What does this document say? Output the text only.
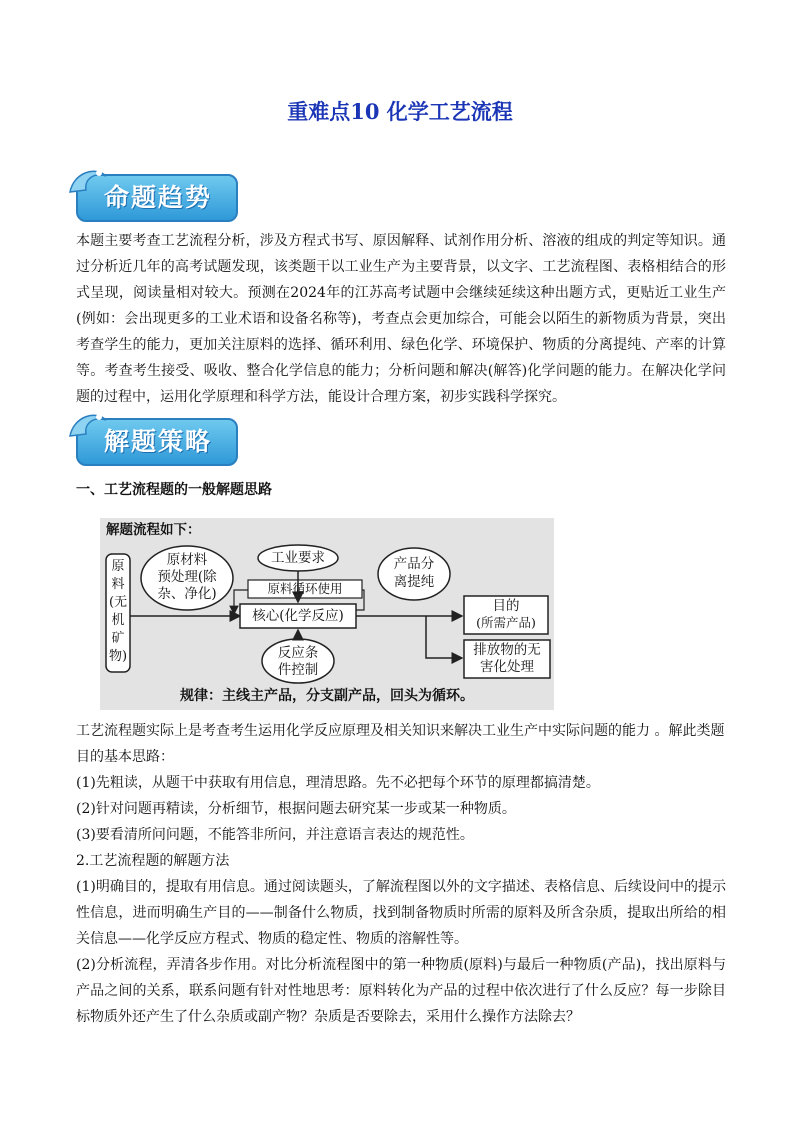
重难点10 化学工艺流程
命题趋势
本题主要考查工艺流程分析，涉及方程式书写、原因解释、试剂作用分析、溶液的组成的判定等知识。通过分析近几年的高考试题发现，该类题干以工业生产为主要背景，以文字、工艺流程图、表格相结合的形式呈现，阅读量相对较大。预测在2024年的江苏高考试题中会继续延续这种出题方式，更贴近工业生产(例如：会出现更多的工业术语和设备名称等)，考查点会更加综合，可能会以陌生的新物质为背景，突出考查学生的能力，更加关注原料的选择、循环利用、绿色化学、环境保护、物质的分离提纯、产率的计算等。考查考生接受、吸收、整合化学信息的能力；分析问题和解决(解答)化学问题的能力。在解决化学问题的过程中，运用化学原理和科学方法，能设计合理方案，初步实践科学探究。
解题策略
一、工艺流程题的一般解题思路
解题流程如下：
原料(无机矿物)
原材料
预处理(除
杂、净化)
工业要求
原料循环使用
核心(化学反应)
反应条
件控制
产品分
离提纯
目的
(所需产品)
排放物的无
害化处理
规律：主线主产品，分支副产品，回头为循环。
工艺流程题实际上是考查考生运用化学反应原理及相关知识来解决工业生产中实际问题的能力 。解此类题目的基本思路：
(1)先粗读，从题干中获取有用信息，理清思路。先不必把每个环节的原理都搞清楚。
(2)针对问题再精读，分析细节，根据问题去研究某一步或某一种物质。
(3)要看清所问问题，不能答非所问，并注意语言表达的规范性。
2.工艺流程题的解题方法
(1)明确目的，提取有用信息。通过阅读题头，了解流程图以外的文字描述、表格信息、后续设问中的提示性信息，进而明确生产目的——制备什么物质，找到制备物质时所需的原料及所含杂质，提取出所给的相关信息——化学反应方程式、物质的稳定性、物质的溶解性等。
(2)分析流程，弄清各步作用。对比分析流程图中的第一种物质(原料)与最后一种物质(产品)，找出原料与产品之间的关系，联系问题有针对性地思考：原料转化为产品的过程中依次进行了什么反应？每一步除目标物质外还产生了什么杂质或副产物？杂质是否要除去，采用什么操作方法除去？
